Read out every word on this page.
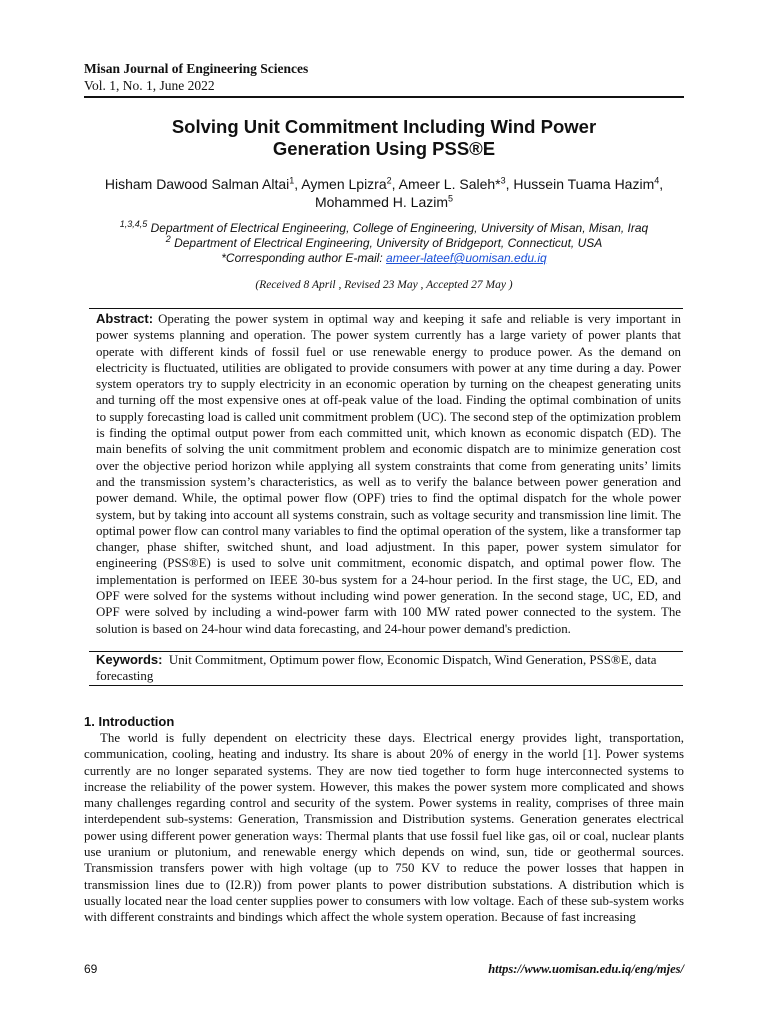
Misan Journal of Engineering Sciences
Vol. 1, No. 1, June 2022
Solving Unit Commitment Including Wind Power
Generation Using PSS®E
Hisham Dawood Salman Altai$^1$, Aymen Lpizra$^2$, Ameer L. Saleh*$^3$, Hussein Tuama Hazim$^4$, Mohammed H. Lazim$^5$
$^{1,3,4,5}$ Department of Electrical Engineering, College of Engineering, University of Misan, Misan, Iraq
$^2$ Department of Electrical Engineering, University of Bridgeport, Connecticut, USA
*Corresponding author E-mail: ameer-lateef@uomisan.edu.iq
(Received 8 April , Revised 23 May , Accepted 27 May )
Abstract: Operating the power system in optimal way and keeping it safe and reliable is very important in power systems planning and operation. The power system currently has a large variety of power plants that operate with different kinds of fossil fuel or use renewable energy to produce power. As the demand on electricity is fluctuated, utilities are obligated to provide consumers with power at any time during a day. Power system operators try to supply electricity in an economic operation by turning on the cheapest generating units and turning off the most expensive ones at off-peak value of the load. Finding the optimal combination of units to supply forecasting load is called unit commitment problem (UC). The second step of the optimization problem is finding the optimal output power from each committed unit, which known as economic dispatch (ED). The main benefits of solving the unit commitment problem and economic dispatch are to minimize generation cost over the objective period horizon while applying all system constraints that come from generating units’ limits and the transmission system’s characteristics, as well as to verify the balance between power generation and power demand. While, the optimal power flow (OPF) tries to find the optimal dispatch for the whole power system, but by taking into account all systems constrain, such as voltage security and transmission line limit. The optimal power flow can control many variables to find the optimal operation of the system, like a transformer tap changer, phase shifter, switched shunt, and load adjustment. In this paper, power system simulator for engineering (PSS®E) is used to solve unit commitment, economic dispatch, and optimal power flow. The implementation is performed on IEEE 30-bus system for a 24-hour period. In the first stage, the UC, ED, and OPF were solved for the systems without including wind power generation. In the second stage, UC, ED, and OPF were solved by including a wind-power farm with 100 MW rated power connected to the system. The solution is based on 24-hour wind data forecasting, and 24-hour power demand's prediction.
Keywords: Unit Commitment, Optimum power flow, Economic Dispatch, Wind Generation, PSS®E, data forecasting
1. Introduction
The world is fully dependent on electricity these days. Electrical energy provides light, transportation, communication, cooling, heating and industry. Its share is about 20% of energy in the world [1]. Power systems currently are no longer separated systems. They are now tied together to form huge interconnected systems to increase the reliability of the power system. However, this makes the power system more complicated and shows many challenges regarding control and security of the system. Power systems in reality, comprises of three main interdependent sub-systems: Generation, Transmission and Distribution systems. Generation generates electrical power using different power generation ways: Thermal plants that use fossil fuel like gas, oil or coal, nuclear plants use uranium or plutonium, and renewable energy which depends on wind, sun, tide or geothermal sources. Transmission transfers power with high voltage (up to 750 KV to reduce the power losses that happen in transmission lines due to (I2.R)) from power plants to power distribution substations. A distribution which is usually located near the load center supplies power to consumers with low voltage. Each of these sub-system works with different constraints and bindings which affect the whole system operation. Because of fast increasing
69	https://www.uomisan.edu.iq/eng/mjes/
